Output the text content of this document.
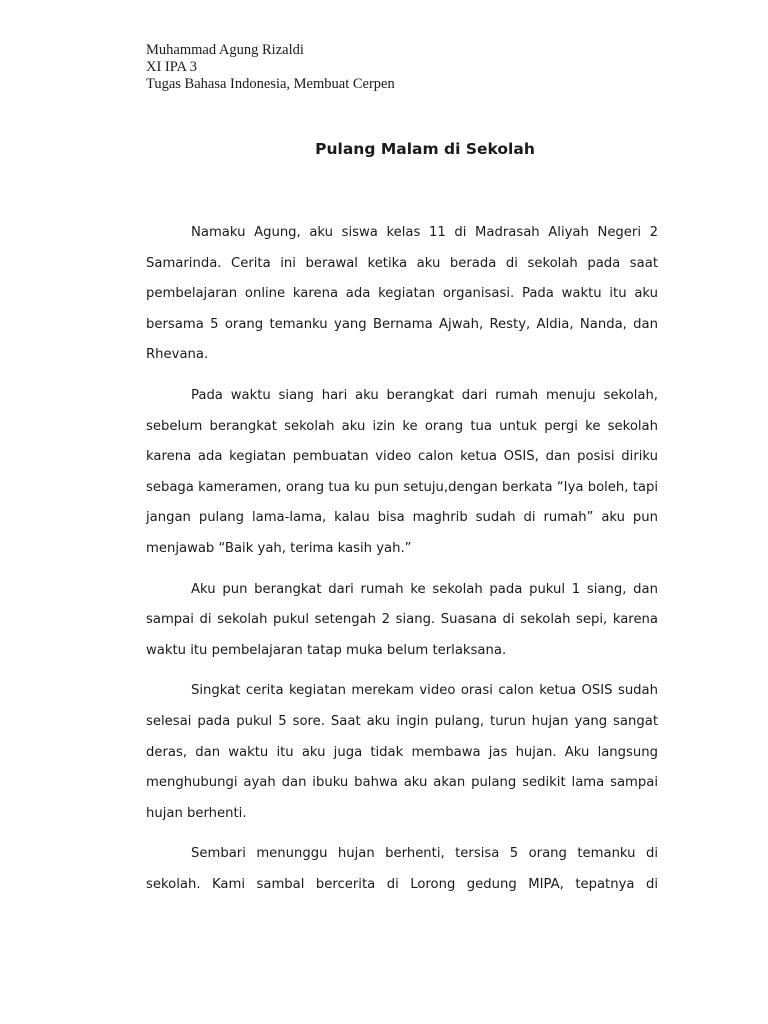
Muhammad Agung Rizaldi
XI IPA 3
Tugas Bahasa Indonesia, Membuat Cerpen
Pulang Malam di Sekolah

Namaku Agung, aku siswa kelas 11 di Madrasah Aliyah Negeri 2 Samarinda. Cerita ini berawal ketika aku berada di sekolah pada saat pembelajaran online karena ada kegiatan organisasi. Pada waktu itu aku bersama 5 orang temanku yang Bernama Ajwah, Resty, Aldia, Nanda, dan Rhevana.

Pada waktu siang hari aku berangkat dari rumah menuju sekolah, sebelum berangkat sekolah aku izin ke orang tua untuk pergi ke sekolah karena ada kegiatan pembuatan video calon ketua OSIS, dan posisi diriku sebaga kameramen, orang tua ku pun setuju,dengan berkata “Iya boleh, tapi jangan pulang lama-lama, kalau bisa maghrib sudah di rumah” aku pun menjawab “Baik yah, terima kasih yah.”

Aku pun berangkat dari rumah ke sekolah pada pukul 1 siang, dan sampai di sekolah pukul setengah 2 siang. Suasana di sekolah sepi, karena waktu itu pembelajaran tatap muka belum terlaksana.

Singkat cerita kegiatan merekam video orasi calon ketua OSIS sudah selesai pada pukul 5 sore. Saat aku ingin pulang, turun hujan yang sangat deras, dan waktu itu aku juga tidak membawa jas hujan. Aku langsung menghubungi ayah dan ibuku bahwa aku akan pulang sedikit lama sampai hujan berhenti.

Sembari menunggu hujan berhenti, tersisa 5 orang temanku di sekolah. Kami sambal bercerita di Lorong gedung MIPA, tepatnya di
